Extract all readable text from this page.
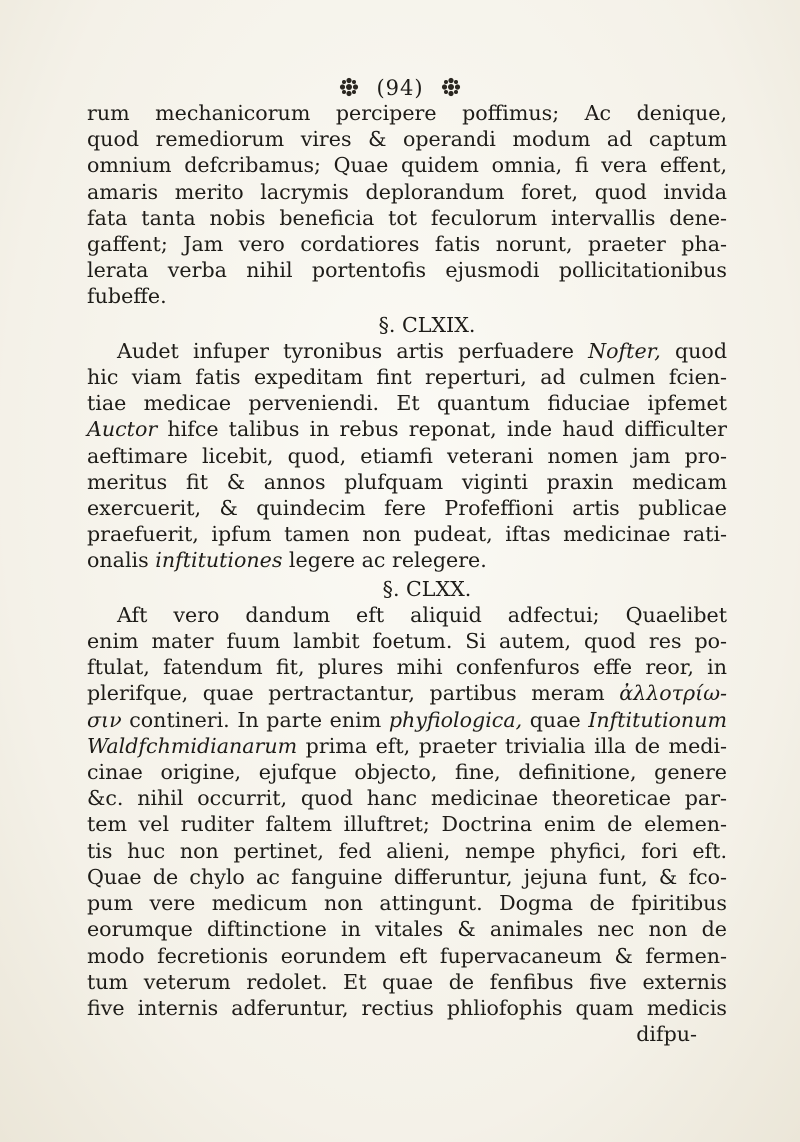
(94)
rum mechanicorum percipere poffimus; Ac denique,
quod remediorum vires & operandi modum ad captum
omnium defcribamus; Quae quidem omnia, fi vera effent,
amaris merito lacrymis deplorandum foret, quod invida
fata tanta nobis beneficia tot feculorum intervallis dene-
gaffent; Jam vero cordatiores fatis norunt, praeter pha-
lerata verba nihil portentofis ejusmodi pollicitationibus
fubeffe.
§. CLXIX.
Audet infuper tyronibus artis perfuadere Nofter, quod
hic viam fatis expeditam fint reperturi, ad culmen fcien-
tiae medicae perveniendi. Et quantum fiduciae ipfemet
Auctor hifce talibus in rebus reponat, inde haud difficulter
aeftimare licebit, quod, etiamfi veterani nomen jam pro-
meritus fit & annos plufquam viginti praxin medicam
exercuerit, & quindecim fere Profeffioni artis publicae
praefuerit, ipfum tamen non pudeat, iftas medicinae rati-
onalis inftitutiones legere ac relegere.
§. CLXX.
Aft vero dandum eft aliquid adfectui; Quaelibet
enim mater fuum lambit foetum. Si autem, quod res po-
ftulat, fatendum fit, plures mihi confenfuros effe reor, in
plerifque, quae pertractantur, partibus meram ἀλλοτρίω-
σιν contineri. In parte enim phyfiologica, quae Inftitutionum
Waldfchmidianarum prima eft, praeter trivialia illa de medi-
cinae origine, ejufque objecto, fine, definitione, genere
&c. nihil occurrit, quod hanc medicinae theoreticae par-
tem vel ruditer faltem illuftret; Doctrina enim de elemen-
tis huc non pertinet, fed alieni, nempe phyfici, fori eft.
Quae de chylo ac fanguine differuntur, jejuna funt, & fco-
pum vere medicum non attingunt. Dogma de fpiritibus
eorumque diftinctione in vitales & animales nec non de
modo fecretionis eorundem eft fupervacaneum & fermen-
tum veterum redolet. Et quae de fenfibus five externis
five internis adferuntur, rectius phliofophis quam medicis
difpu-
